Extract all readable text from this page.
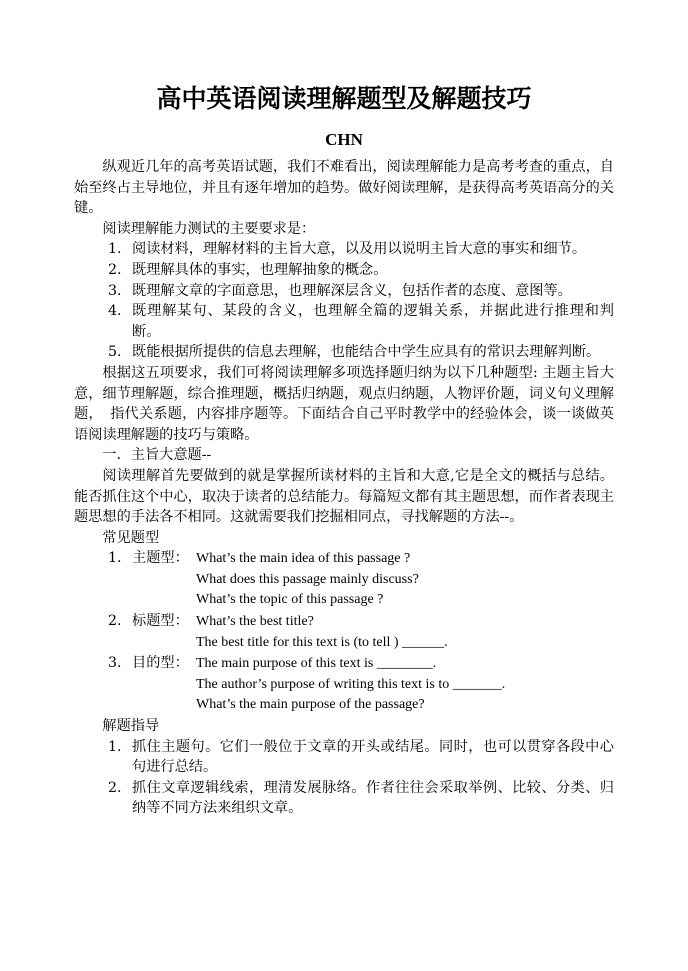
高中英语阅读理解题型及解题技巧
CHN

纵观近几年的高考英语试题，我们不难看出，阅读理解能力是高考考查的重点，自始至终占主导地位，并且有逐年增加的趋势。做好阅读理解，是获得高考英语高分的关键。

阅读理解能力测试的主要要求是：

1. 阅读材料，理解材料的主旨大意，以及用以说明主旨大意的事实和细节。
2. 既理解具体的事实，也理解抽象的概念。
3. 既理解文章的字面意思，也理解深层含义，包括作者的态度、意图等。
4. 既理解某句、某段的含义，也理解全篇的逻辑关系，并据此进行推理和判断。
5. 既能根据所提供的信息去理解，也能结合中学生应具有的常识去理解判断。

根据这五项要求，我们可将阅读理解多项选择题归纳为以下几种题型: 主题主旨大意，细节理解题，综合推理题，概括归纳题，观点归纳题，人物评价题，词义句义理解题，　指代关系题，内容排序题等。下面结合自己平时教学中的经验体会，谈一谈做英语阅读理解题的技巧与策略。

一．主旨大意题--

阅读理解首先要做到的就是掌握所读材料的主旨和大意,它是全文的概括与总结。能否抓住这个中心，取决于读者的总结能力。每篇短文都有其主题思想，而作者表现主题思想的手法各不相同。这就需要我们挖掘相同点，寻找解题的方法--。

常见题型

1. 主题型： What’s the main idea of this passage ?
What does this passage mainly discuss?
What’s the topic of this passage ?
2. 标题型： What’s the best title?
The best title for this text is (to tell ) ______.
3. 目的型： The main purpose of this text is ________.
The author’s purpose of writing this text is to _______.
What’s the main purpose of the passage?

解题指导

1. 抓住主题句。它们一般位于文章的开头或结尾。同时，也可以贯穿各段中心句进行总结。
2. 抓住文章逻辑线索，理清发展脉络。作者往往会采取举例、比较、分类、归纳等不同方法来组织文章。
